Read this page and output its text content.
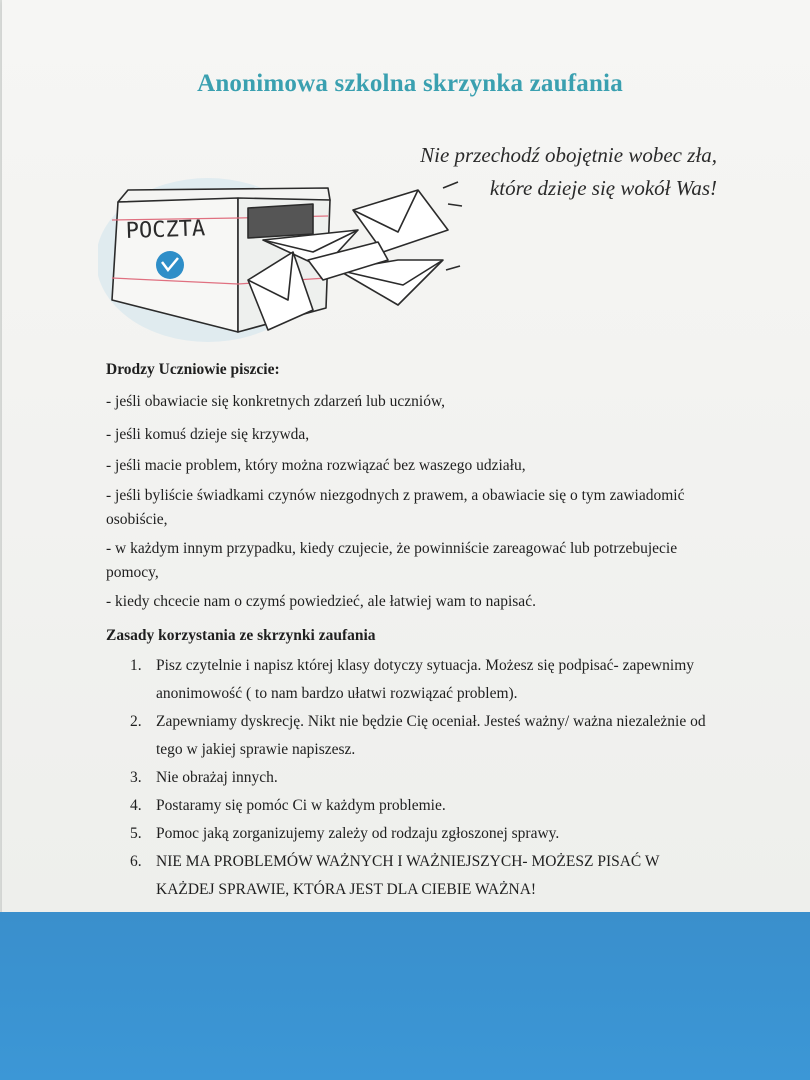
Anonimowa szkolna skrzynka zaufania
Nie przechodź obojętnie wobec zła,
które dzieje się wokół Was!
POCZTA
Drodzy Uczniowie piszcie:
- jeśli obawiacie się konkretnych zdarzeń lub uczniów,
- jeśli komuś dzieje się krzywda,
- jeśli macie problem, który można rozwiązać bez waszego udziału,
- jeśli byliście świadkami czynów niezgodnych z prawem, a obawiacie się o tym zawiadomić osobiście,
- w każdym innym przypadku, kiedy czujecie, że powinniście zareagować lub potrzebujecie pomocy,
- kiedy chcecie nam o czymś powiedzieć, ale łatwiej wam to napisać.
Zasady korzystania ze skrzynki zaufania
1. Pisz czytelnie i napisz której klasy dotyczy sytuacja. Możesz się podpisać- zapewnimy anonimowość ( to nam bardzo ułatwi rozwiązać problem).
2. Zapewniamy dyskrecję. Nikt nie będzie Cię oceniał. Jesteś ważny/ ważna niezależnie od tego w jakiej sprawie napiszesz.
3. Nie obrażaj innych.
4. Postaramy się pomóc Ci w każdym problemie.
5. Pomoc jaką zorganizujemy zależy od rodzaju zgłoszonej sprawy.
6. NIE MA PROBLEMÓW WAŻNYCH I WAŻNIEJSZYCH- MOŻESZ PISAĆ W KAŻDEJ SPRAWIE, KTÓRA JEST DLA CIEBIE WAŻNA!
